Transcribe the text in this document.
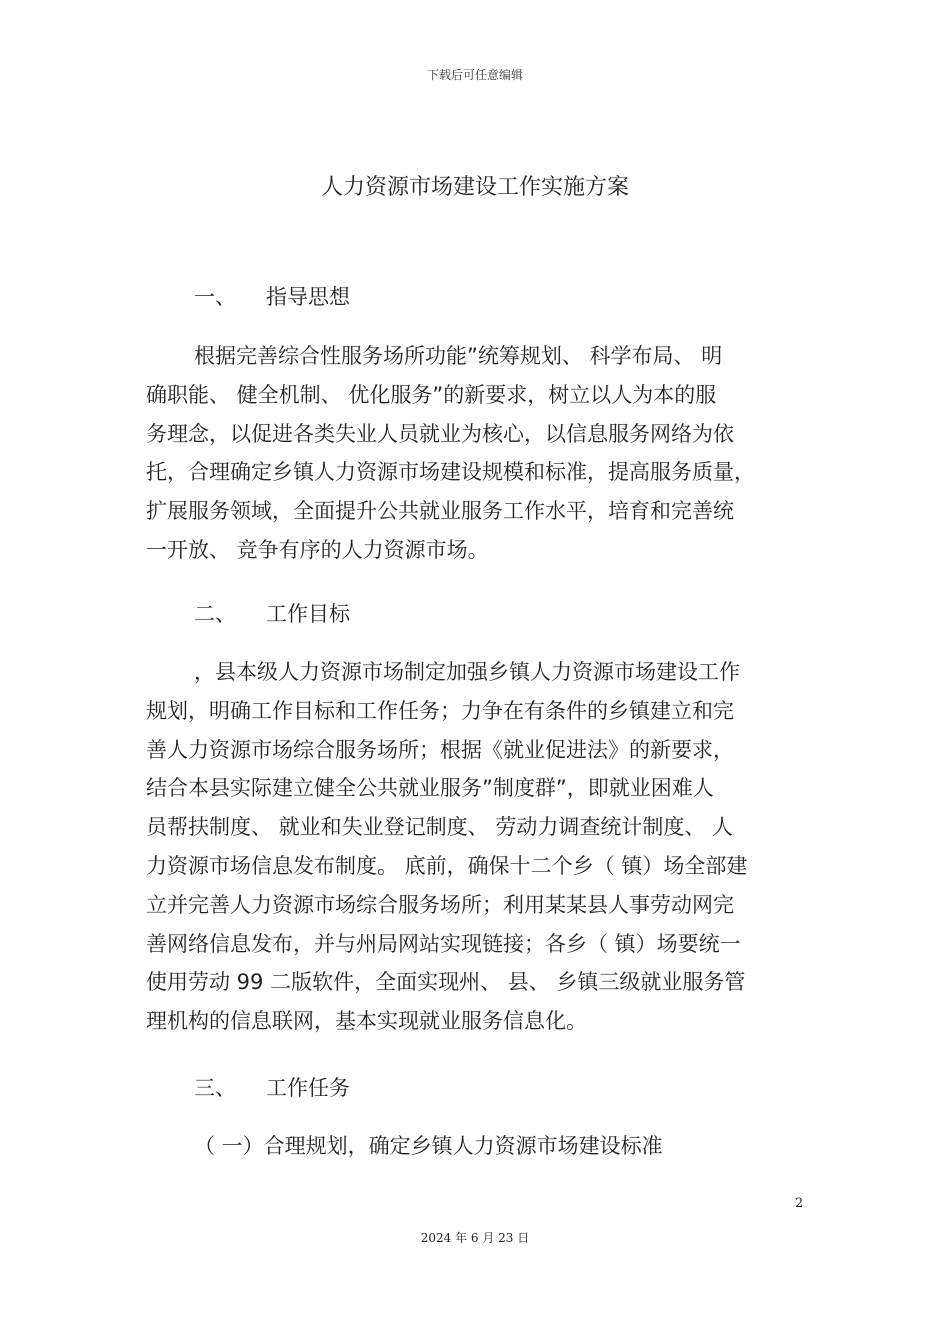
下载后可任意编辑
人力资源市场建设工作实施方案
一、 指导思想
根据完善综合性服务场所功能”统筹规划、 科学布局、 明
确职能、 健全机制、 优化服务”的新要求，树立以人为本的服
务理念，以促进各类失业人员就业为核心，以信息服务网络为依
托，合理确定乡镇人力资源市场建设规模和标准，提高服务质量，
扩展服务领域，全面提升公共就业服务工作水平，培育和完善统
一开放、 竞争有序的人力资源市场。
二、 工作目标
，县本级人力资源市场制定加强乡镇人力资源市场建设工作
规划，明确工作目标和工作任务；力争在有条件的乡镇建立和完
善人力资源市场综合服务场所；根据《就业促进法》的新要求，
结合本县实际建立健全公共就业服务”制度群”，即就业困难人
员帮扶制度、 就业和失业登记制度、 劳动力调查统计制度、 人
力资源市场信息发布制度。 底前，确保十二个乡（ 镇）场全部建
立并完善人力资源市场综合服务场所；利用某某县人事劳动网完
善网络信息发布，并与州局网站实现链接；各乡（ 镇）场要统一
使用劳动 99 二版软件，全面实现州、 县、 乡镇三级就业服务管
理机构的信息联网，基本实现就业服务信息化。
三、 工作任务
（ 一）合理规划，确定乡镇人力资源市场建设标准
2
2024 年 6 月 23 日
